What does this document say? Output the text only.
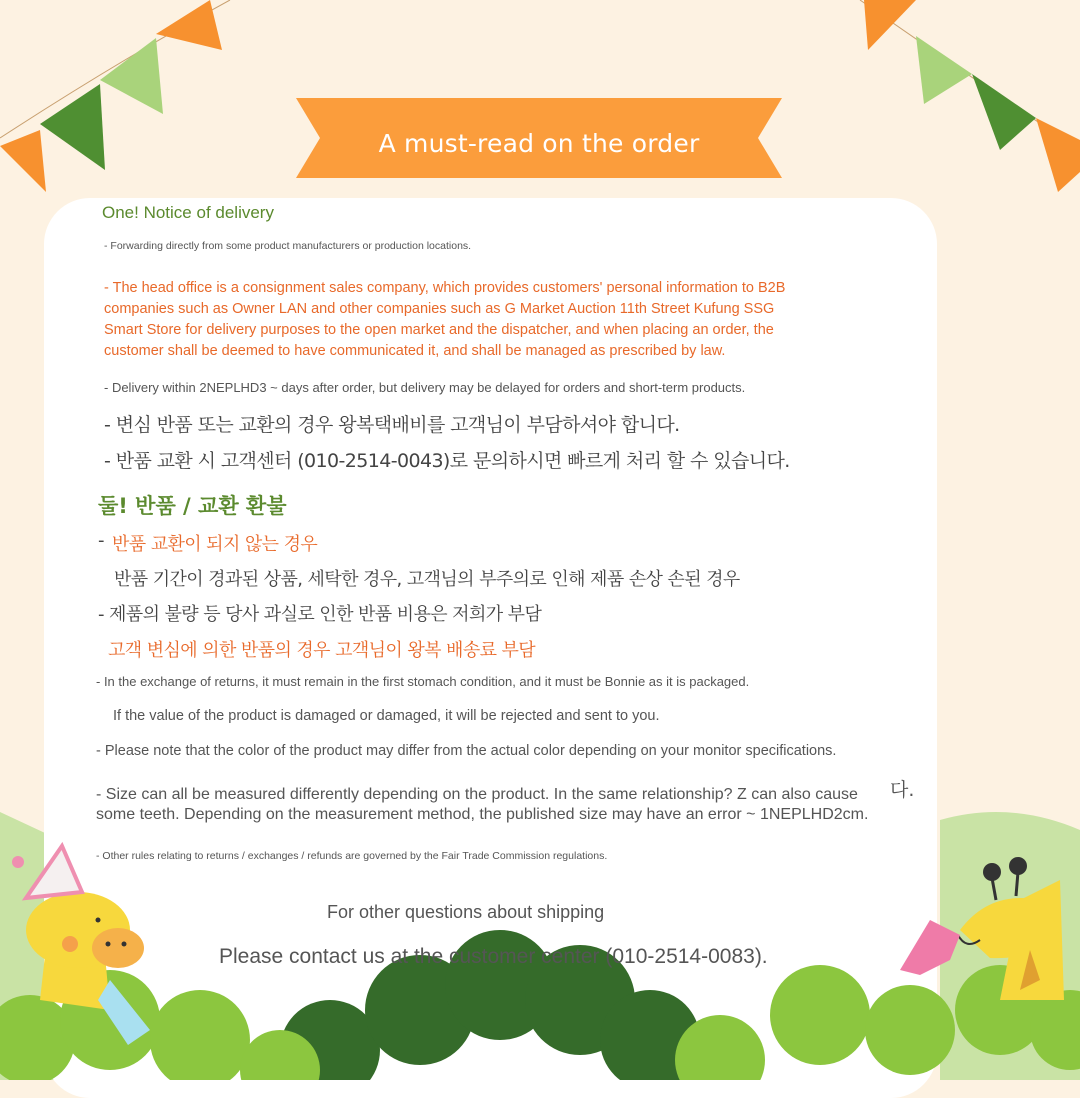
A must-read on the order
One! Notice of delivery
- Forwarding directly from some product manufacturers or production locations.
- The head office is a consignment sales company, which provides customers' personal information to B2B
companies such as Owner LAN and other companies such as G Market Auction 11th Street Kufung SSG
Smart Store for delivery purposes to the open market and the dispatcher, and when placing an order, the
customer shall be deemed to have communicated it, and shall be managed as prescribed by law.
- Delivery within 2NEPLHD3 ~ days after order, but delivery may be delayed for orders and short-term products.
- 변심 반품 또는 교환의 경우 왕복택배비를 고객님이 부담하셔야 합니다.
- 반품 교환 시 고객센터 (010-2514-0043)로 문의하시면 빠르게 처리 할 수 있습니다.
둘! 반품 / 교환 환불
- 반품 교환이 되지 않는 경우
반품 기간이 경과된 상품, 세탁한 경우, 고객님의 부주의로 인해 제품 손상 손된 경우
- 제품의 불량 등 당사 과실로 인한 반품 비용은 저희가 부담
고객 변심에 의한 반품의 경우 고객님이 왕복 배송료 부담
- In the exchange of returns, it must remain in the first stomach condition, and it must be Bonnie as it is packaged.
If the value of the product is damaged or damaged, it will be rejected and sent to you.
- Please note that the color of the product may differ from the actual color depending on your monitor specifications.
- Size can all be measured differently depending on the product. In the same relationship? Z can also cause
some teeth. Depending on the measurement method, the published size may have an error ~ 1NEPLHD2cm.
다.
- Other rules relating to returns / exchanges / refunds are governed by the Fair Trade Commission regulations.
For other questions about shipping
Please contact us at the customer center (010-2514-0083).
